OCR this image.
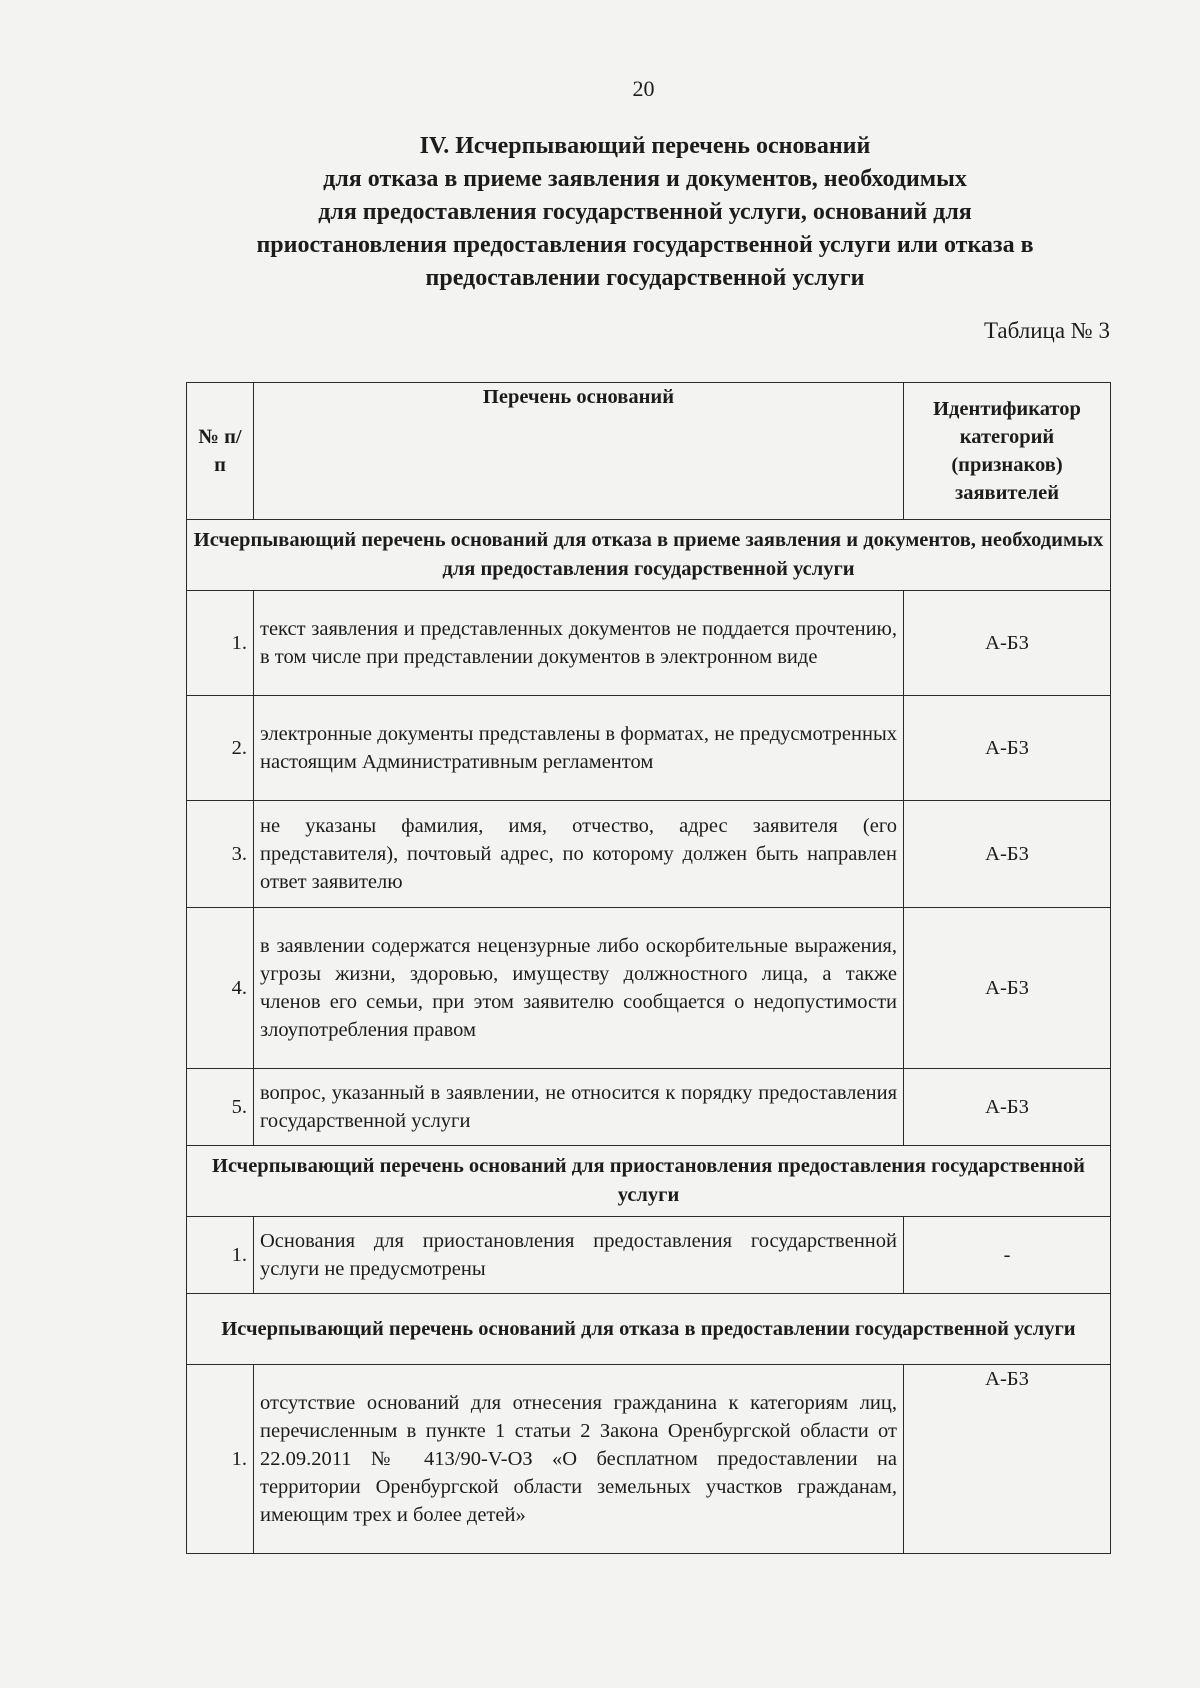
20
IV. Исчерпывающий перечень оснований
для отказа в приеме заявления и документов, необходимых
для предоставления государственной услуги, оснований для
приостановления предоставления государственной услуги или отказа в
предоставлении государственной услуги
Таблица № 3
№ п/п	Перечень оснований	Идентификатор категорий (признаков) заявителей
Исчерпывающий перечень оснований для отказа в приеме заявления и документов, необходимых для предоставления государственной услуги		
1.	текст заявления и представленных документов не поддается прочтению, в том числе при представлении документов в электронном виде	А-Б3
2.	электронные документы представлены в форматах, не предусмотренных настоящим Административным регламентом	А-Б3
3.	не указаны фамилия, имя, отчество, адрес заявителя (его представителя), почтовый адрес, по которому должен быть направлен ответ заявителю	А-Б3
4.	в заявлении содержатся нецензурные либо оскорбительные выражения, угрозы жизни, здоровью, имуществу должностного лица, а также членов его семьи, при этом заявителю сообщается о недопустимости злоупотребления правом	А-Б3
5.	вопрос, указанный в заявлении, не относится к порядку предоставления государственной услуги	А-Б3
Исчерпывающий перечень оснований для приостановления предоставления государственной услуги		
1.	Основания для приостановления предоставления государственной услуги не предусмотрены	-
Исчерпывающий перечень оснований для отказа в предоставлении государственной услуги		
1.	отсутствие оснований для отнесения гражданина к категориям лиц, перечисленным в пункте 1 статьи 2 Закона Оренбургской области от 22.09.2011 № 413/90-V-ОЗ «О бесплатном предоставлении на территории Оренбургской области земельных участков гражданам, имеющим трех и более детей»	А-Б3
